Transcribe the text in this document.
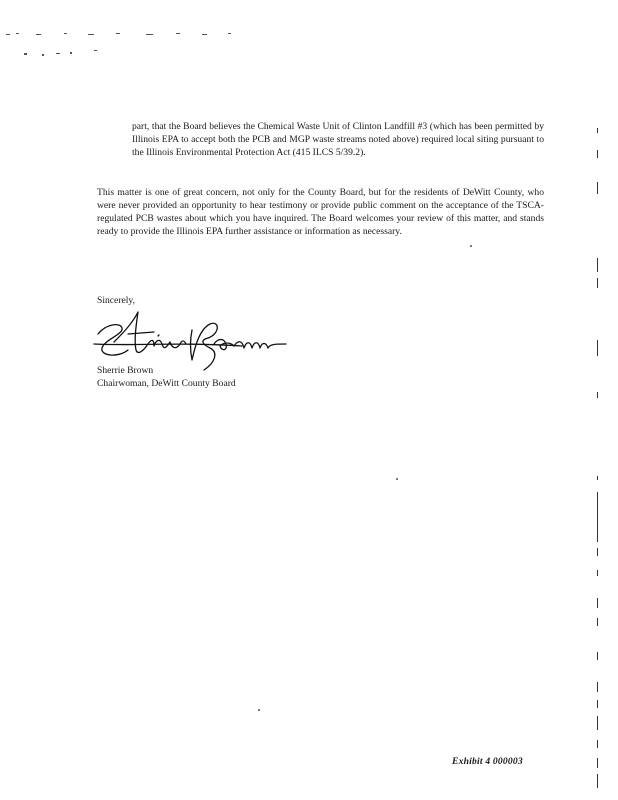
part, that the Board believes the Chemical Waste Unit of Clinton Landfill #3 (which has been permitted by Illinois EPA to accept both the PCB and MGP waste streams noted above) required local siting pursuant to the Illinois Environmental Protection Act (415 ILCS 5/39.2).
This matter is one of great concern, not only for the County Board, but for the residents of DeWitt County, who were never provided an opportunity to hear testimony or provide public comment on the acceptance of the TSCA-regulated PCB wastes about which you have inquired. The Board welcomes your review of this matter, and stands ready to provide the Illinois EPA further assistance or information as necessary.
Sincerely,
Sherrie Brown
Chairwoman, DeWitt County Board
Exhibit 4 000003
